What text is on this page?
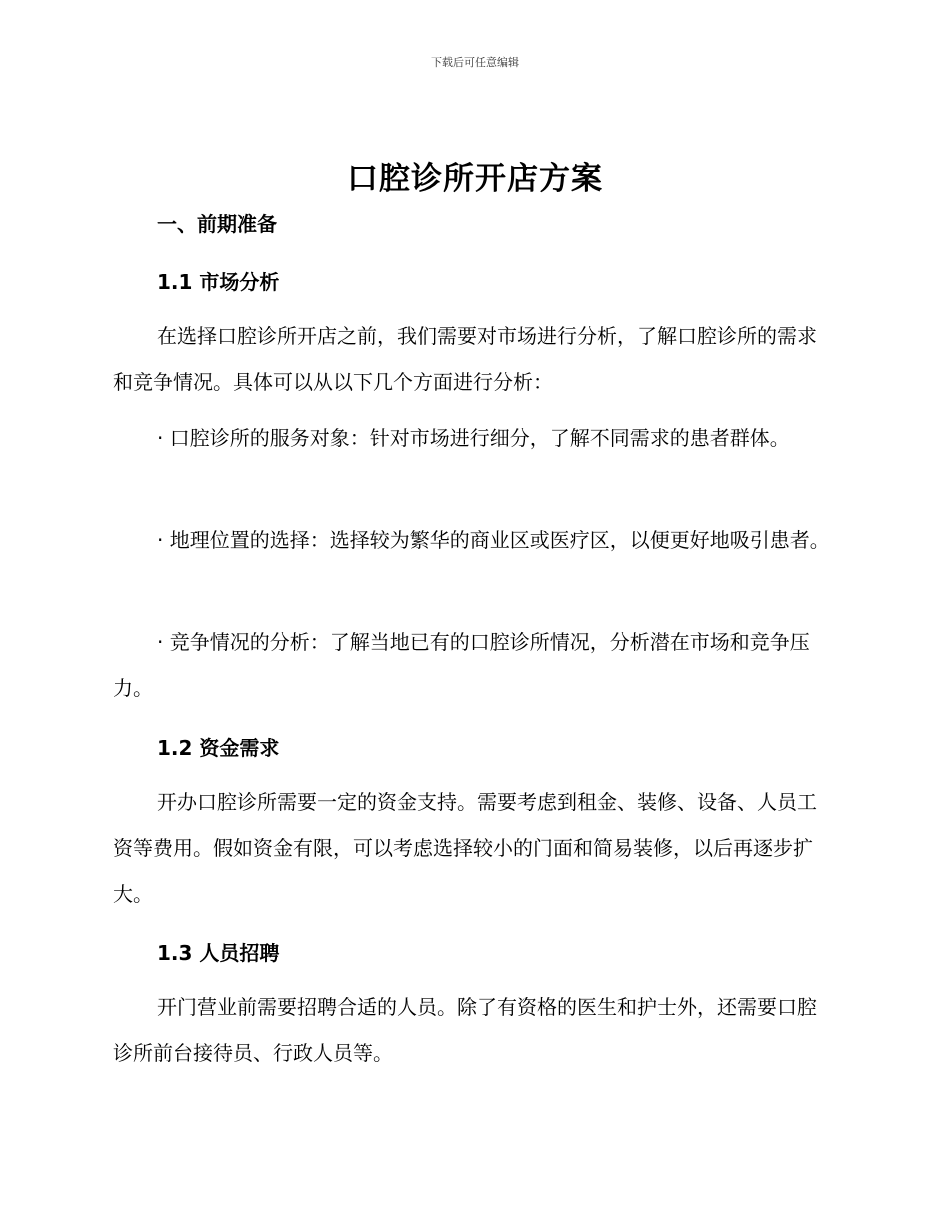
下载后可任意编辑
口腔诊所开店方案
一、前期准备
1.1 市场分析

在选择口腔诊所开店之前，我们需要对市场进行分析，了解口腔诊所的需求和竞争情况。具体可以从以下几个方面进行分析：

· 口腔诊所的服务对象：针对市场进行细分，了解不同需求的患者群体。

· 地理位置的选择：选择较为繁华的商业区或医疗区，以便更好地吸引患者。

· 竞争情况的分析：了解当地已有的口腔诊所情况，分析潜在市场和竞争压力。

1.2 资金需求

开办口腔诊所需要一定的资金支持。需要考虑到租金、装修、设备、人员工资等费用。假如资金有限，可以考虑选择较小的门面和简易装修，以后再逐步扩大。

1.3 人员招聘

开门营业前需要招聘合适的人员。除了有资格的医生和护士外，还需要口腔诊所前台接待员、行政人员等。
